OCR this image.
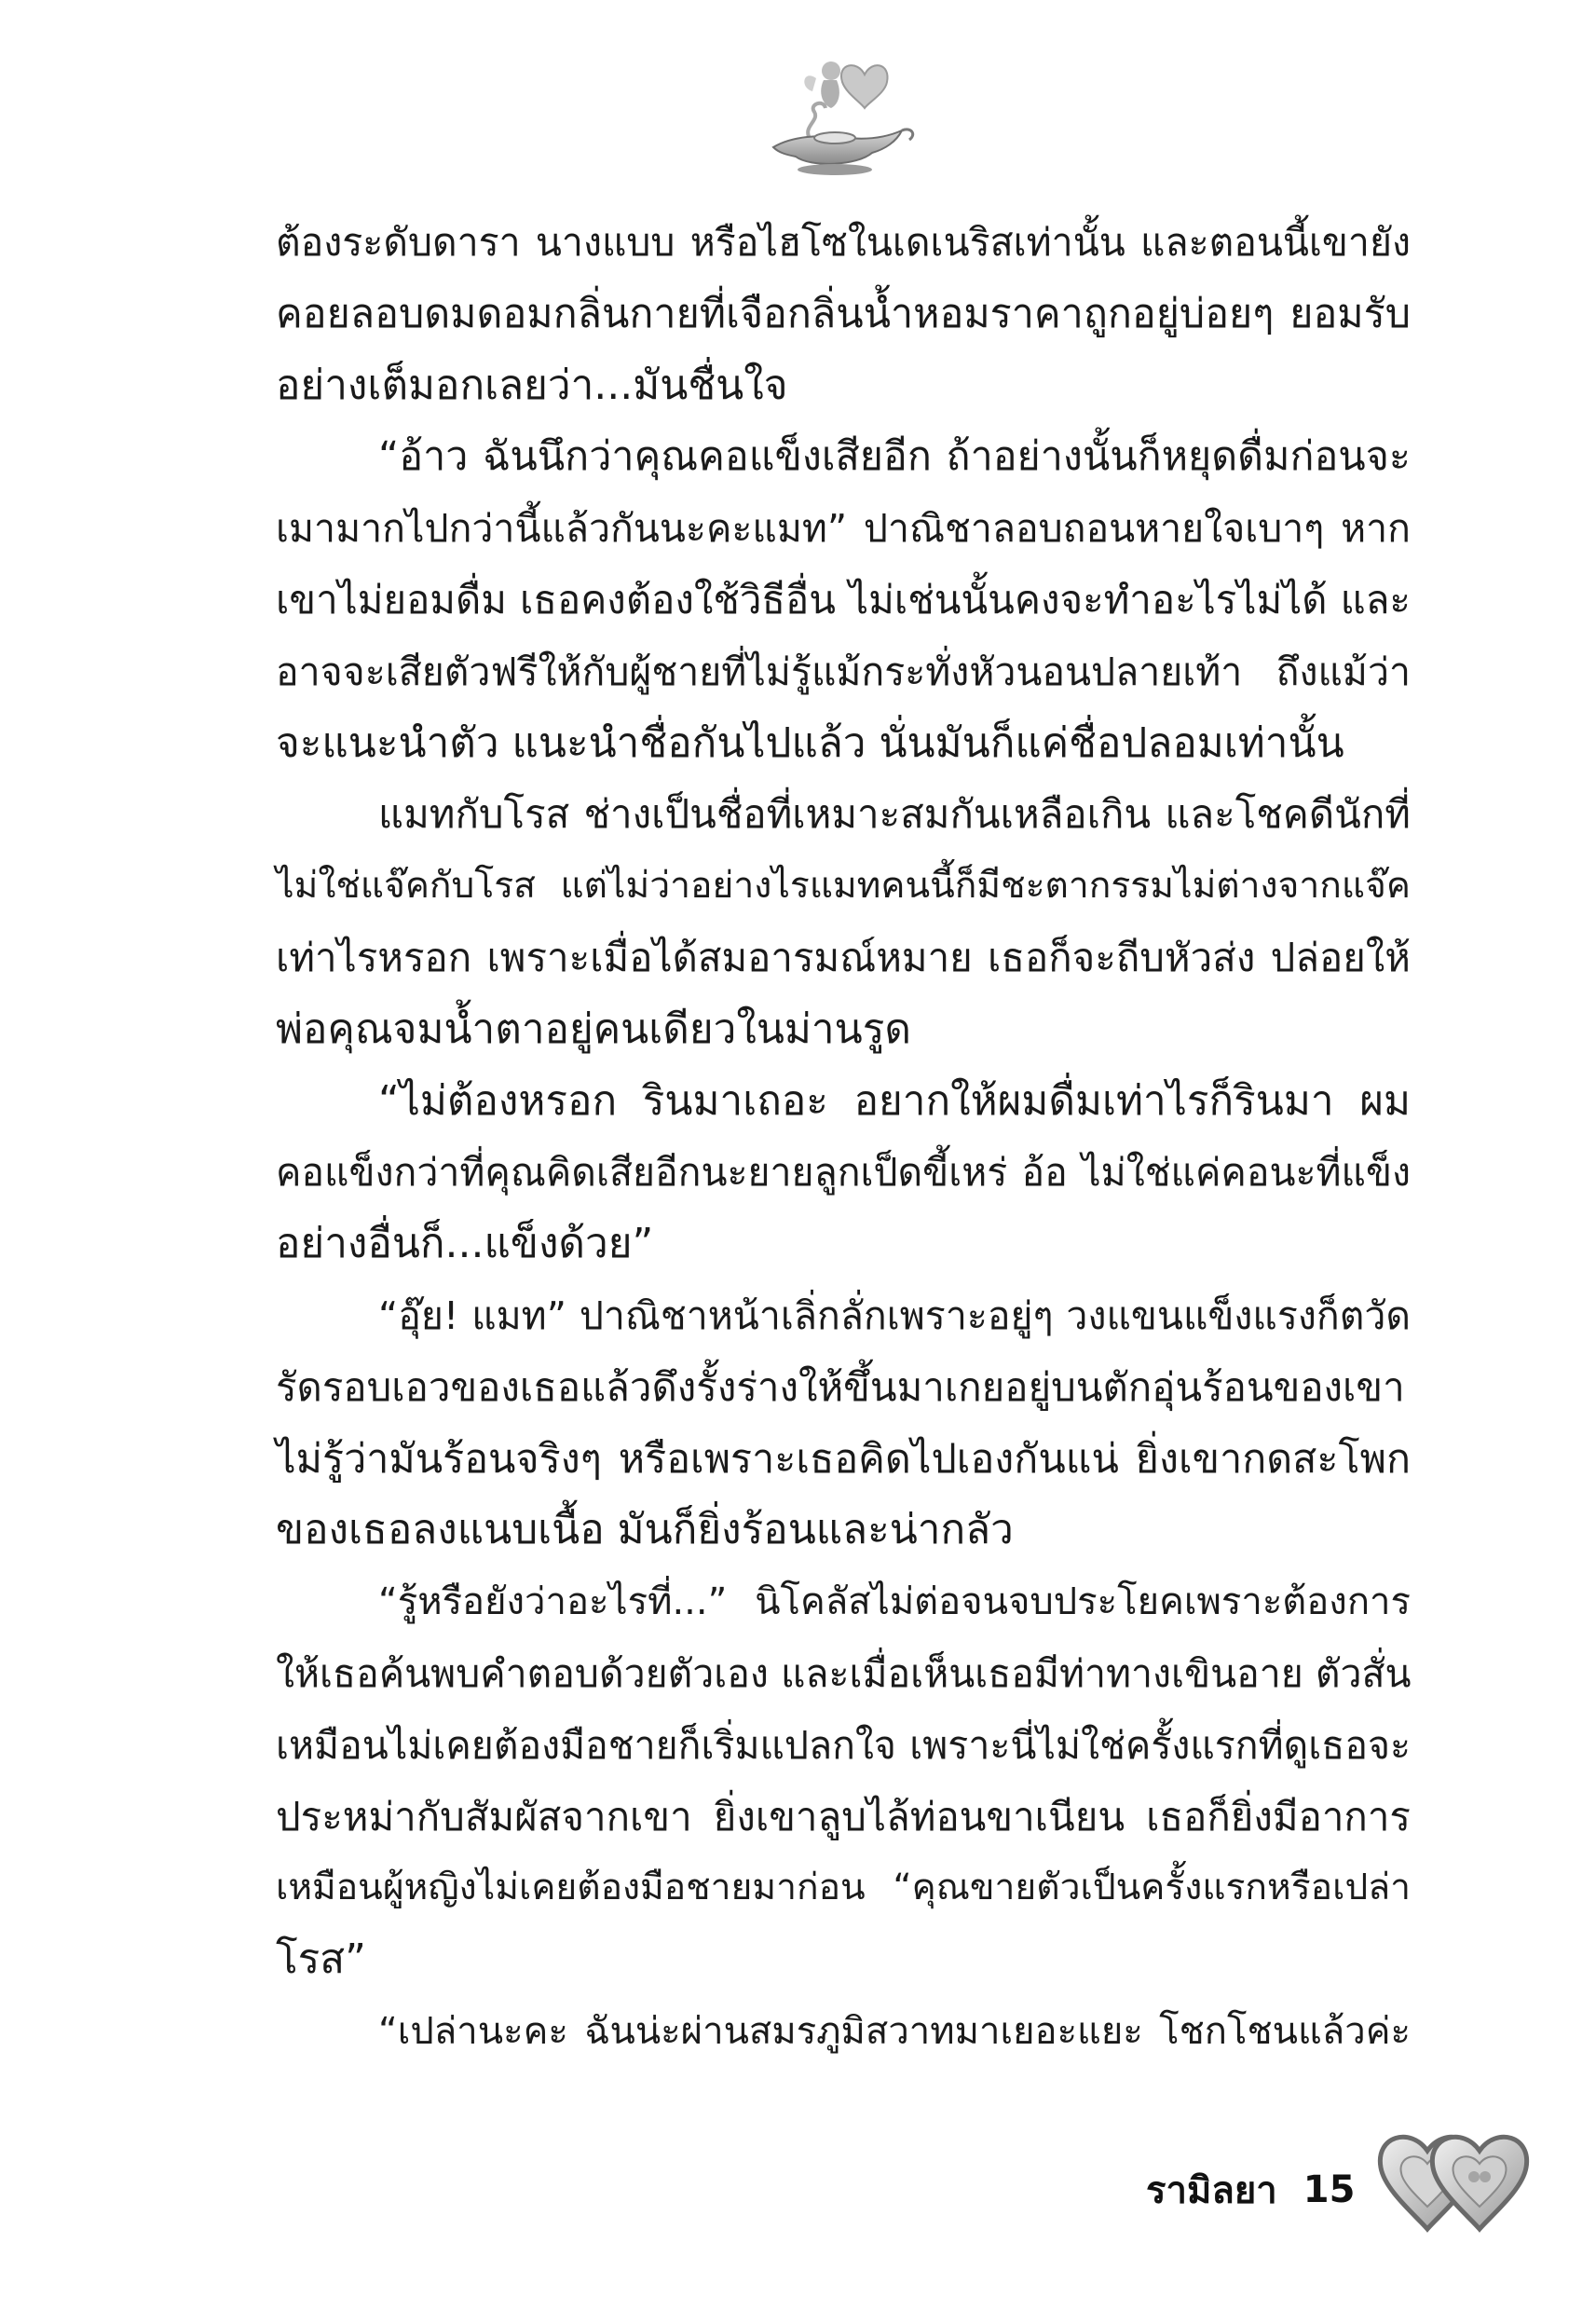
ต้องระดับดารา นางแบบ หรือไฮโซในเดเนริสเท่านั้น และตอนนี้เขายัง
คอยลอบดมดอมกลิ่นกายที่เจือกลิ่นน้ำหอมราคาถูกอยู่บ่อยๆ ยอมรับ
อย่างเต็มอกเลยว่า...มันชื่นใจ
“อ้าว ฉันนึกว่าคุณคอแข็งเสียอีก ถ้าอย่างนั้นก็หยุดดื่มก่อนจะ
เมามากไปกว่านี้แล้วกันนะคะแมท” ปาณิชาลอบถอนหายใจเบาๆ หาก
เขาไม่ยอมดื่ม เธอคงต้องใช้วิธีอื่น ไม่เช่นนั้นคงจะทำอะไรไม่ได้ และ
อาจจะเสียตัวฟรีให้กับผู้ชายที่ไม่รู้แม้กระทั่งหัวนอนปลายเท้า ถึงแม้ว่า
จะแนะนำตัว แนะนำชื่อกันไปแล้ว นั่นมันก็แค่ชื่อปลอมเท่านั้น
แมทกับโรส ช่างเป็นชื่อที่เหมาะสมกันเหลือเกิน และโชคดีนักที่
ไม่ใช่แจ๊คกับโรส แต่ไม่ว่าอย่างไรแมทคนนี้ก็มีชะตากรรมไม่ต่างจากแจ๊ค
เท่าไรหรอก เพราะเมื่อได้สมอารมณ์หมาย เธอก็จะถีบหัวส่ง ปล่อยให้
พ่อคุณจมน้ำตาอยู่คนเดียวในม่านรูด
“ไม่ต้องหรอก รินมาเถอะ อยากให้ผมดื่มเท่าไรก็รินมา ผม
คอแข็งกว่าที่คุณคิดเสียอีกนะยายลูกเป็ดขี้เหร่ อ้อ ไม่ใช่แค่คอนะที่แข็ง
อย่างอื่นก็...แข็งด้วย”
“อุ๊ย! แมท” ปาณิชาหน้าเลิ่กลั่กเพราะอยู่ๆ วงแขนแข็งแรงก็ตวัด
รัดรอบเอวของเธอแล้วดึงรั้งร่างให้ขึ้นมาเกยอยู่บนตักอุ่นร้อนของเขา
ไม่รู้ว่ามันร้อนจริงๆ หรือเพราะเธอคิดไปเองกันแน่ ยิ่งเขากดสะโพก
ของเธอลงแนบเนื้อ มันก็ยิ่งร้อนและน่ากลัว
“รู้หรือยังว่าอะไรที่...” นิโคลัสไม่ต่อจนจบประโยคเพราะต้องการ
ให้เธอค้นพบคำตอบด้วยตัวเอง และเมื่อเห็นเธอมีท่าทางเขินอาย ตัวสั่น
เหมือนไม่เคยต้องมือชายก็เริ่มแปลกใจ เพราะนี่ไม่ใช่ครั้งแรกที่ดูเธอจะ
ประหม่ากับสัมผัสจากเขา ยิ่งเขาลูบไล้ท่อนขาเนียน เธอก็ยิ่งมีอาการ
เหมือนผู้หญิงไม่เคยต้องมือชายมาก่อน “คุณขายตัวเป็นครั้งแรกหรือเปล่า
โรส”
“เปล่านะคะ ฉันน่ะผ่านสมรภูมิสวาทมาเยอะแยะ โชกโชนแล้วค่ะ
รามิลยา 15
